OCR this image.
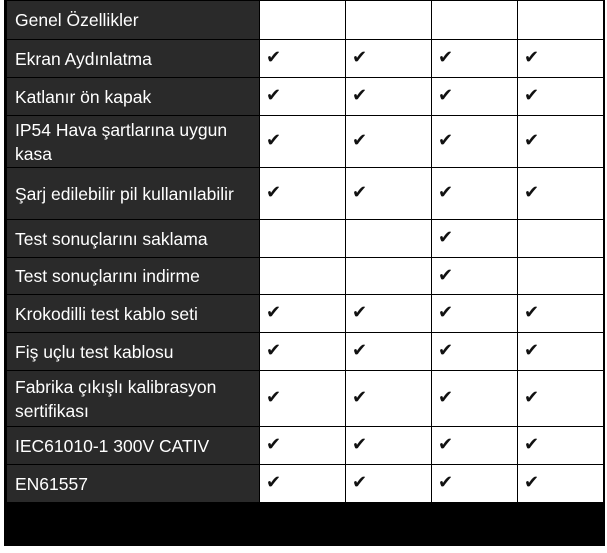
Genel Özellikler				
Ekran Aydınlatma	✔	✔	✔	✔
Katlanır ön kapak	✔	✔	✔	✔
IP54 Hava şartlarına uygun kasa	✔	✔	✔	✔
Şarj edilebilir pil kullanılabilir	✔	✔	✔	✔
Test sonuçlarını saklama			✔	
Test sonuçlarını indirme			✔	
Krokodilli test kablo seti	✔	✔	✔	✔
Fiş uçlu test kablosu	✔	✔	✔	✔
Fabrika çıkışlı kalibrasyon sertifikası	✔	✔	✔	✔
IEC61010-1 300V CATIV	✔	✔	✔	✔
EN61557	✔	✔	✔	✔
